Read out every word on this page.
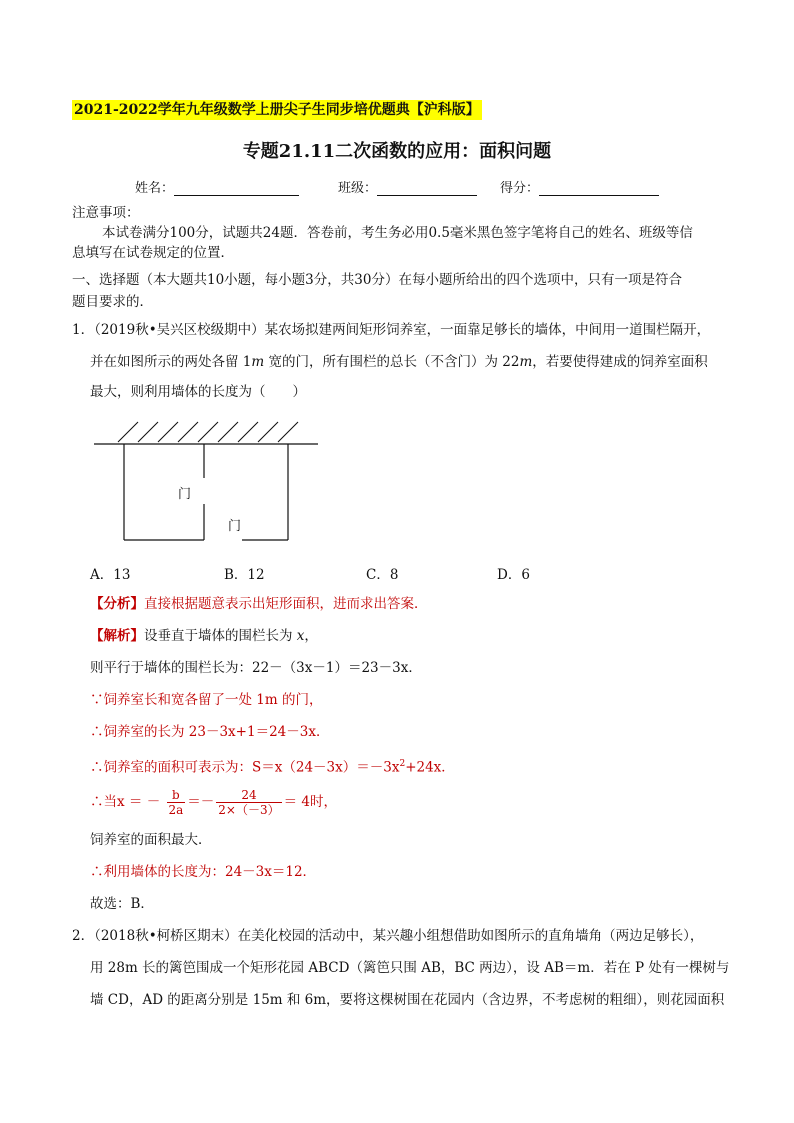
2021-2022学年九年级数学上册尖子生同步培优题典【沪科版】
专题21.11二次函数的应用：面积问题
姓名：	班级：	得分：
注意事项：
本试卷满分100分，试题共24题．答卷前，考生务必用0.5毫米黑色签字笔将自己的姓名、班级等信
息填写在试卷规定的位置．
一、选择题（本大题共10小题，每小题3分，共30分）在每小题所给出的四个选项中，只有一项是符合
题目要求的．
1．（2019秋•吴兴区校级期中）某农场拟建两间矩形饲养室，一面靠足够长的墙体，中间用一道围栏隔开，
并在如图所示的两处各留 1m 宽的门，所有围栏的总长（不含门）为 22m，若要使得建成的饲养室面积
最大，则利用墙体的长度为（　　）
门
门
A．13	B．12	C．8	D．6
【分析】直接根据题意表示出矩形面积，进而求出答案．
【解析】设垂直于墙体的围栏长为 x，
则平行于墙体的围栏长为：22－（3x－1）＝23－3x．
∵饲养室长和宽各留了一处 1m 的门，
∴饲养室的长为 23－3x+1＝24－3x．
∴饲养室的面积可表示为：$S=x(24-3x)=-3x^2+24x$．
∴当x ＝ － $\frac{b}{2a} =- \frac{24}{2\times(-3)} = 4$时，
饲养室的面积最大．
∴利用墙体的长度为：24－3x＝12．
故选：B．
2．（2018秋•柯桥区期末）在美化校园的活动中，某兴趣小组想借助如图所示的直角墙角（两边足够长），
用 28m 长的篱笆围成一个矩形花园 ABCD（篱笆只围 AB，BC 两边），设 AB＝m．若在 P 处有一棵树与
墙 CD，AD 的距离分别是 15m 和 6m，要将这棵树围在花园内（含边界，不考虑树的粗细），则花园面积
